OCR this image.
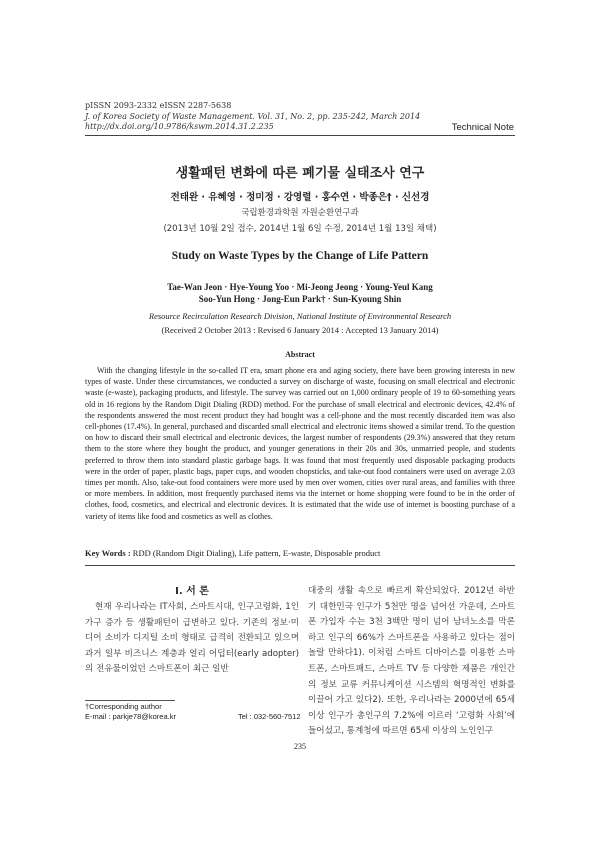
pISSN 2093-2332 eISSN 2287-5638
J. of Korea Society of Waste Management. Vol. 31, No. 2, pp. 235-242, March 2014
http://dx.doi.org/10.9786/kswm.2014.31.2.235	Technical Note
생활패턴 변화에 따른 폐기물 실태조사 연구
전태완 · 유혜영 · 정미정 · 강영렬 · 홍수연 · 박종은† · 신선경
국립환경과학원 자원순환연구과
(2013년 10월 2일 접수, 2014년 1월 6일 수정, 2014년 1월 13일 채택)
Study on Waste Types by the Change of Life Pattern
Tae-Wan Jeon · Hye-Young Yoo · Mi-Jeong Jeong · Young-Yeul Kang
Soo-Yun Hong · Jong-Eun Park† · Sun-Kyoung Shin
Resource Recirculation Research Division, National Institute of Environmental Research
(Received 2 October 2013 : Revised 6 January 2014 : Accepted 13 January 2014)
Abstract
With the changing lifestyle in the so-called IT era, smart phone era and aging society, there have been growing interests in new types of waste. Under these circumstances, we conducted a survey on discharge of waste, focusing on small electrical and electronic waste (e-waste), packaging products, and lifestyle. The survey was carried out on 1,000 ordinary people of 19 to 60-something years old in 16 regions by the Random Digit Dialing (RDD) method. For the purchase of small electrical and electronic devices, 42.4% of the respondents answered the most recent product they had bought was a cell-phone and the most recently discarded item was also cell-phones (17.4%). In general, purchased and discarded small electrical and electronic items showed a similar trend. To the question on how to discard their small electrical and electronic devices, the largest number of respondents (29.3%) answered that they return them to the store where they bought the product, and younger generations in their 20s and 30s, unmarried people, and students preferred to throw them into standard plastic garbage bags. It was found that most frequently used disposable packaging products were in the order of paper, plastic bags, paper cups, and wooden chopsticks, and take-out food containers were used on average 2.03 times per month. Also, take-out food containers were more used by men over women, cities over rural areas, and families with three or more members. In addition, most frequently purchased items via the internet or home shopping were found to be in the order of clothes, food, cosmetics, and electrical and electronic devices. It is estimated that the wide use of internet is boosting purchase of a variety of items like food and cosmetics as well as clothes.
Key Words : RDD (Random Digit Dialing), Life pattern, E-waste, Disposable product
I. 서 론
현재 우리나라는 IT사회, 스마트시대, 인구고령화, 1인 가구 증가 등 생활패턴이 급변하고 있다. 기존의 정보·미디어 소비가 디지털 소비 형태로 급격히 전환되고 있으며 과거 일부 비즈니스 계층과 얼리 어덥터(early adopter)의 전유물이었던 스마트폰이 최근 일반
대중의 생활 속으로 빠르게 확산되었다. 2012년 하반기 대한민국 인구가 5천만 명을 넘어선 가운데, 스마트폰 가입자 수는 3천 3백만 명이 넘어 남녀노소를 막론하고 인구의 66%가 스마트폰을 사용하고 있다는 점이 놀랄 만하다1). 이처럼 스마트 디바이스를 이용한 스마트폰, 스마트패드, 스마트 TV 등 다양한 제품은 개인간의 정보 교류 커뮤니케이션 시스템의 혁명적인 변화를 이끌어 가고 있다2). 또한, 우리나라는 2000년에 65세 이상 인구가 총인구의 7.2%에 이르러 ‘고령화 사회’에 들어섰고, 통계청에 따르면 65세 이상의 노인인구
†Corresponding author
E-mail : parkje78@korea.kr	Tel : 032-560-7512
235
